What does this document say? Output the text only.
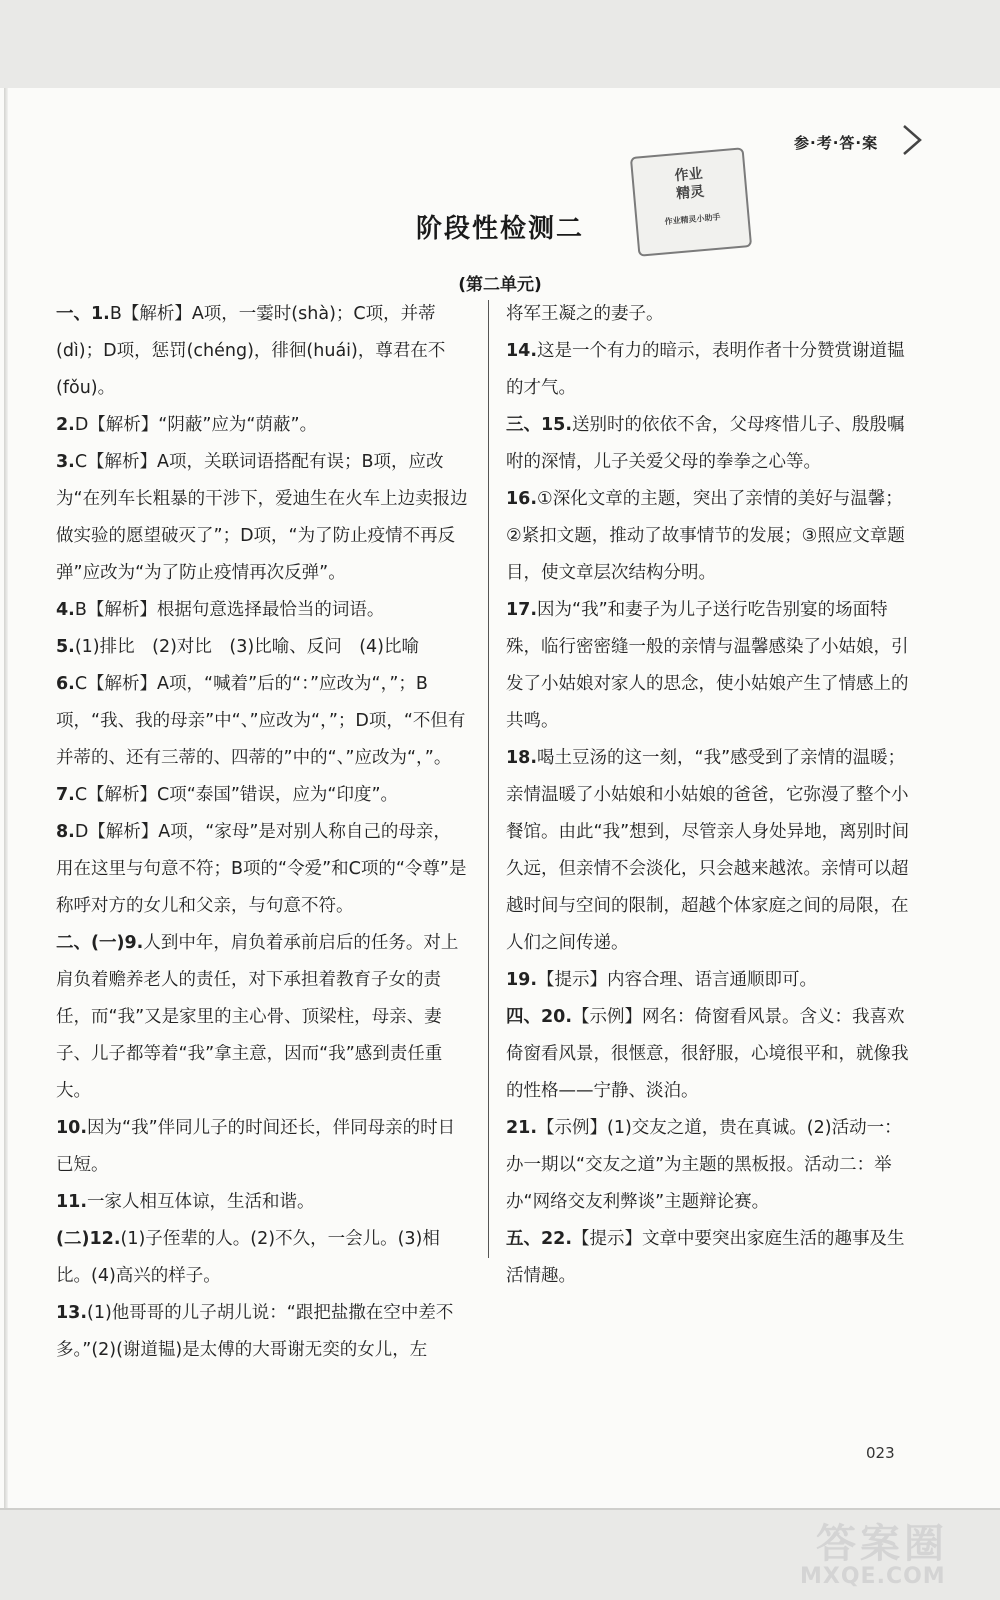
参·考·答·案
作业
精灵
作业精灵小助手
阶段性检测二
(第二单元)

一、1.B【解析】A项，一霎时(shà)；C项，并蒂(dì)；D项，惩罚(chéng)，徘徊(huái)，尊君在不(fǒu)。

2.D【解析】“阴蔽”应为“荫蔽”。

3.C【解析】A项，关联词语搭配有误；B项，应改为“在列车长粗暴的干涉下，爱迪生在火车上边卖报边做实验的愿望破灭了”；D项，“为了防止疫情不再反弹”应改为“为了防止疫情再次反弹”。

4.B【解析】根据句意选择最恰当的词语。

5.(1)排比　(2)对比　(3)比喻、反问　(4)比喻

6.C【解析】A项，“喊着”后的“：”应改为“，”；B项，“我、我的母亲”中“、”应改为“，”；D项，“不但有并蒂的、还有三蒂的、四蒂的”中的“、”应改为“，”。

7.C【解析】C项“泰国”错误，应为“印度”。

8.D【解析】A项，“家母”是对别人称自己的母亲，用在这里与句意不符；B项的“令爱”和C项的“令尊”是称呼对方的女儿和父亲，与句意不符。

二、(一)9.人到中年，肩负着承前启后的任务。对上肩负着赡养老人的责任，对下承担着教育子女的责任，而“我”又是家里的主心骨、顶梁柱，母亲、妻子、儿子都等着“我”拿主意，因而“我”感到责任重大。

10.因为“我”伴同儿子的时间还长，伴同母亲的时日已短。

11.一家人相互体谅，生活和谐。

(二)12.(1)子侄辈的人。(2)不久，一会儿。(3)相比。(4)高兴的样子。

13.(1)他哥哥的儿子胡儿说：“跟把盐撒在空中差不多。”(2)(谢道韫)是太傅的大哥谢无奕的女儿，左

将军王凝之的妻子。

14.这是一个有力的暗示，表明作者十分赞赏谢道韫的才气。

三、15.送别时的依依不舍，父母疼惜儿子、殷殷嘱咐的深情，儿子关爱父母的拳拳之心等。

16.①深化文章的主题，突出了亲情的美好与温馨；②紧扣文题，推动了故事情节的发展；③照应文章题目，使文章层次结构分明。

17.因为“我”和妻子为儿子送行吃告别宴的场面特殊，临行密密缝一般的亲情与温馨感染了小姑娘，引发了小姑娘对家人的思念，使小姑娘产生了情感上的共鸣。

18.喝土豆汤的这一刻，“我”感受到了亲情的温暖；亲情温暖了小姑娘和小姑娘的爸爸，它弥漫了整个小餐馆。由此“我”想到，尽管亲人身处异地，离别时间久远，但亲情不会淡化，只会越来越浓。亲情可以超越时间与空间的限制，超越个体家庭之间的局限，在人们之间传递。

19.【提示】内容合理、语言通顺即可。

四、20.【示例】网名：倚窗看风景。含义：我喜欢倚窗看风景，很惬意，很舒服，心境很平和，就像我的性格——宁静、淡泊。

21.【示例】(1)交友之道，贵在真诚。(2)活动一：办一期以“交友之道”为主题的黑板报。活动二：举办“网络交友利弊谈”主题辩论赛。

五、22.【提示】文章中要突出家庭生活的趣事及生活情趣。

023
答案圈
MXQE.COM
